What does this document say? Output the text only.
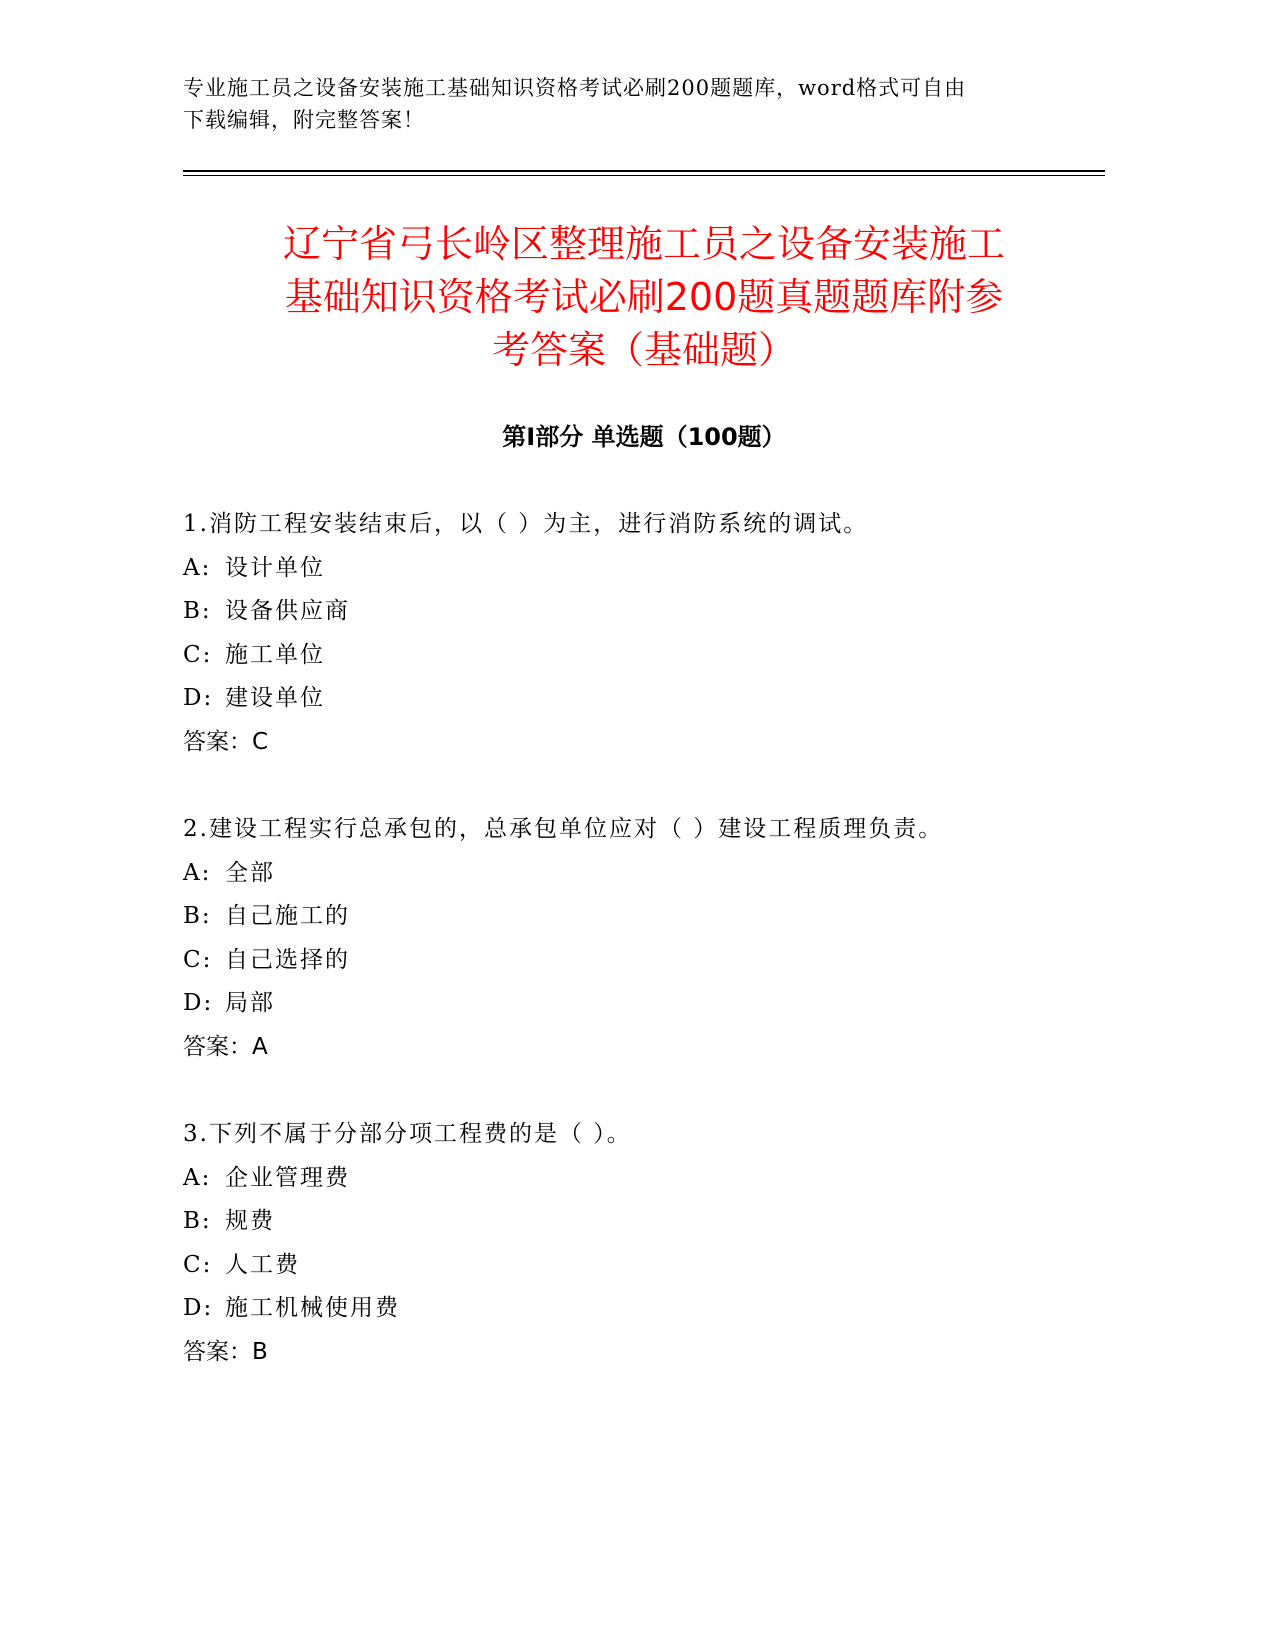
专业施工员之设备安装施工基础知识资格考试必刷200题题库，word格式可自由
下载编辑，附完整答案！
辽宁省弓长岭区整理施工员之设备安装施工
基础知识资格考试必刷200题真题题库附参
考答案（基础题）
第Ⅰ部分 单选题（100题）
1.消防工程安装结束后，以（ ）为主，进行消防系统的调试。
A: 设计单位
B: 设备供应商
C: 施工单位
D: 建设单位
答案：C
2.建设工程实行总承包的，总承包单位应对（ ）建设工程质理负责。
A: 全部
B: 自己施工的
C: 自己选择的
D: 局部
答案：A
3.下列不属于分部分项工程费的是（ ）。
A: 企业管理费
B: 规费
C: 人工费
D: 施工机械使用费
答案：B
